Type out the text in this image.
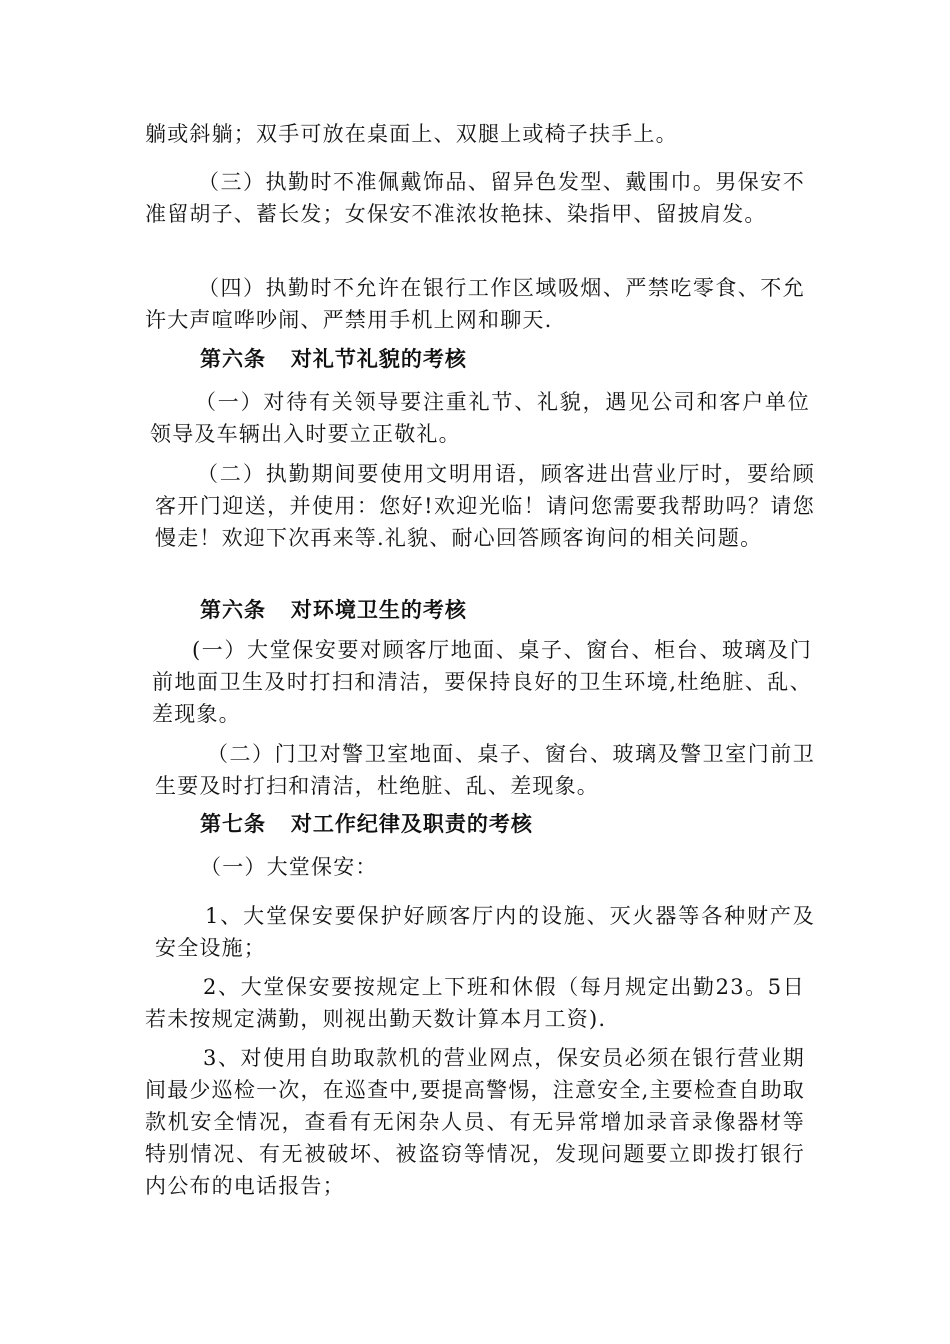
躺或斜躺；双手可放在桌面上、双腿上或椅子扶手上。
（三）执勤时不准佩戴饰品、留异色发型、戴围巾。男保安不准留胡子、蓄长发；女保安不准浓妆艳抹、染指甲、留披肩发。
（四）执勤时不允许在银行工作区域吸烟、严禁吃零食、不允许大声喧哗吵闹、严禁用手机上网和聊天.
第六条   对礼节礼貌的考核
（一）对待有关领导要注重礼节、礼貌，遇见公司和客户单位领导及车辆出入时要立正敬礼。
（二）执勤期间要使用文明用语，顾客进出营业厅时，要给顾客开门迎送，并使用：您好!欢迎光临！请问您需要我帮助吗？请您慢走！欢迎下次再来等.礼貌、耐心回答顾客询问的相关问题。
第六条   对环境卫生的考核
(一）大堂保安要对顾客厅地面、桌子、窗台、柜台、玻璃及门前地面卫生及时打扫和清洁，要保持良好的卫生环境,杜绝脏、乱、差现象。
（二）门卫对警卫室地面、桌子、窗台、玻璃及警卫室门前卫生要及时打扫和清洁，杜绝脏、乱、差现象。
第七条   对工作纪律及职责的考核
（一）大堂保安：
1、大堂保安要保护好顾客厅内的设施、灭火器等各种财产及安全设施；
2、大堂保安要按规定上下班和休假（每月规定出勤23。5日若未按规定满勤，则视出勤天数计算本月工资).
3、对使用自助取款机的营业网点，保安员必须在银行营业期间最少巡检一次，在巡查中,要提高警惕，注意安全,主要检查自助取款机安全情况，查看有无闲杂人员、有无异常增加录音录像器材等特别情况、有无被破坏、被盗窃等情况，发现问题要立即拨打银行内公布的电话报告；
